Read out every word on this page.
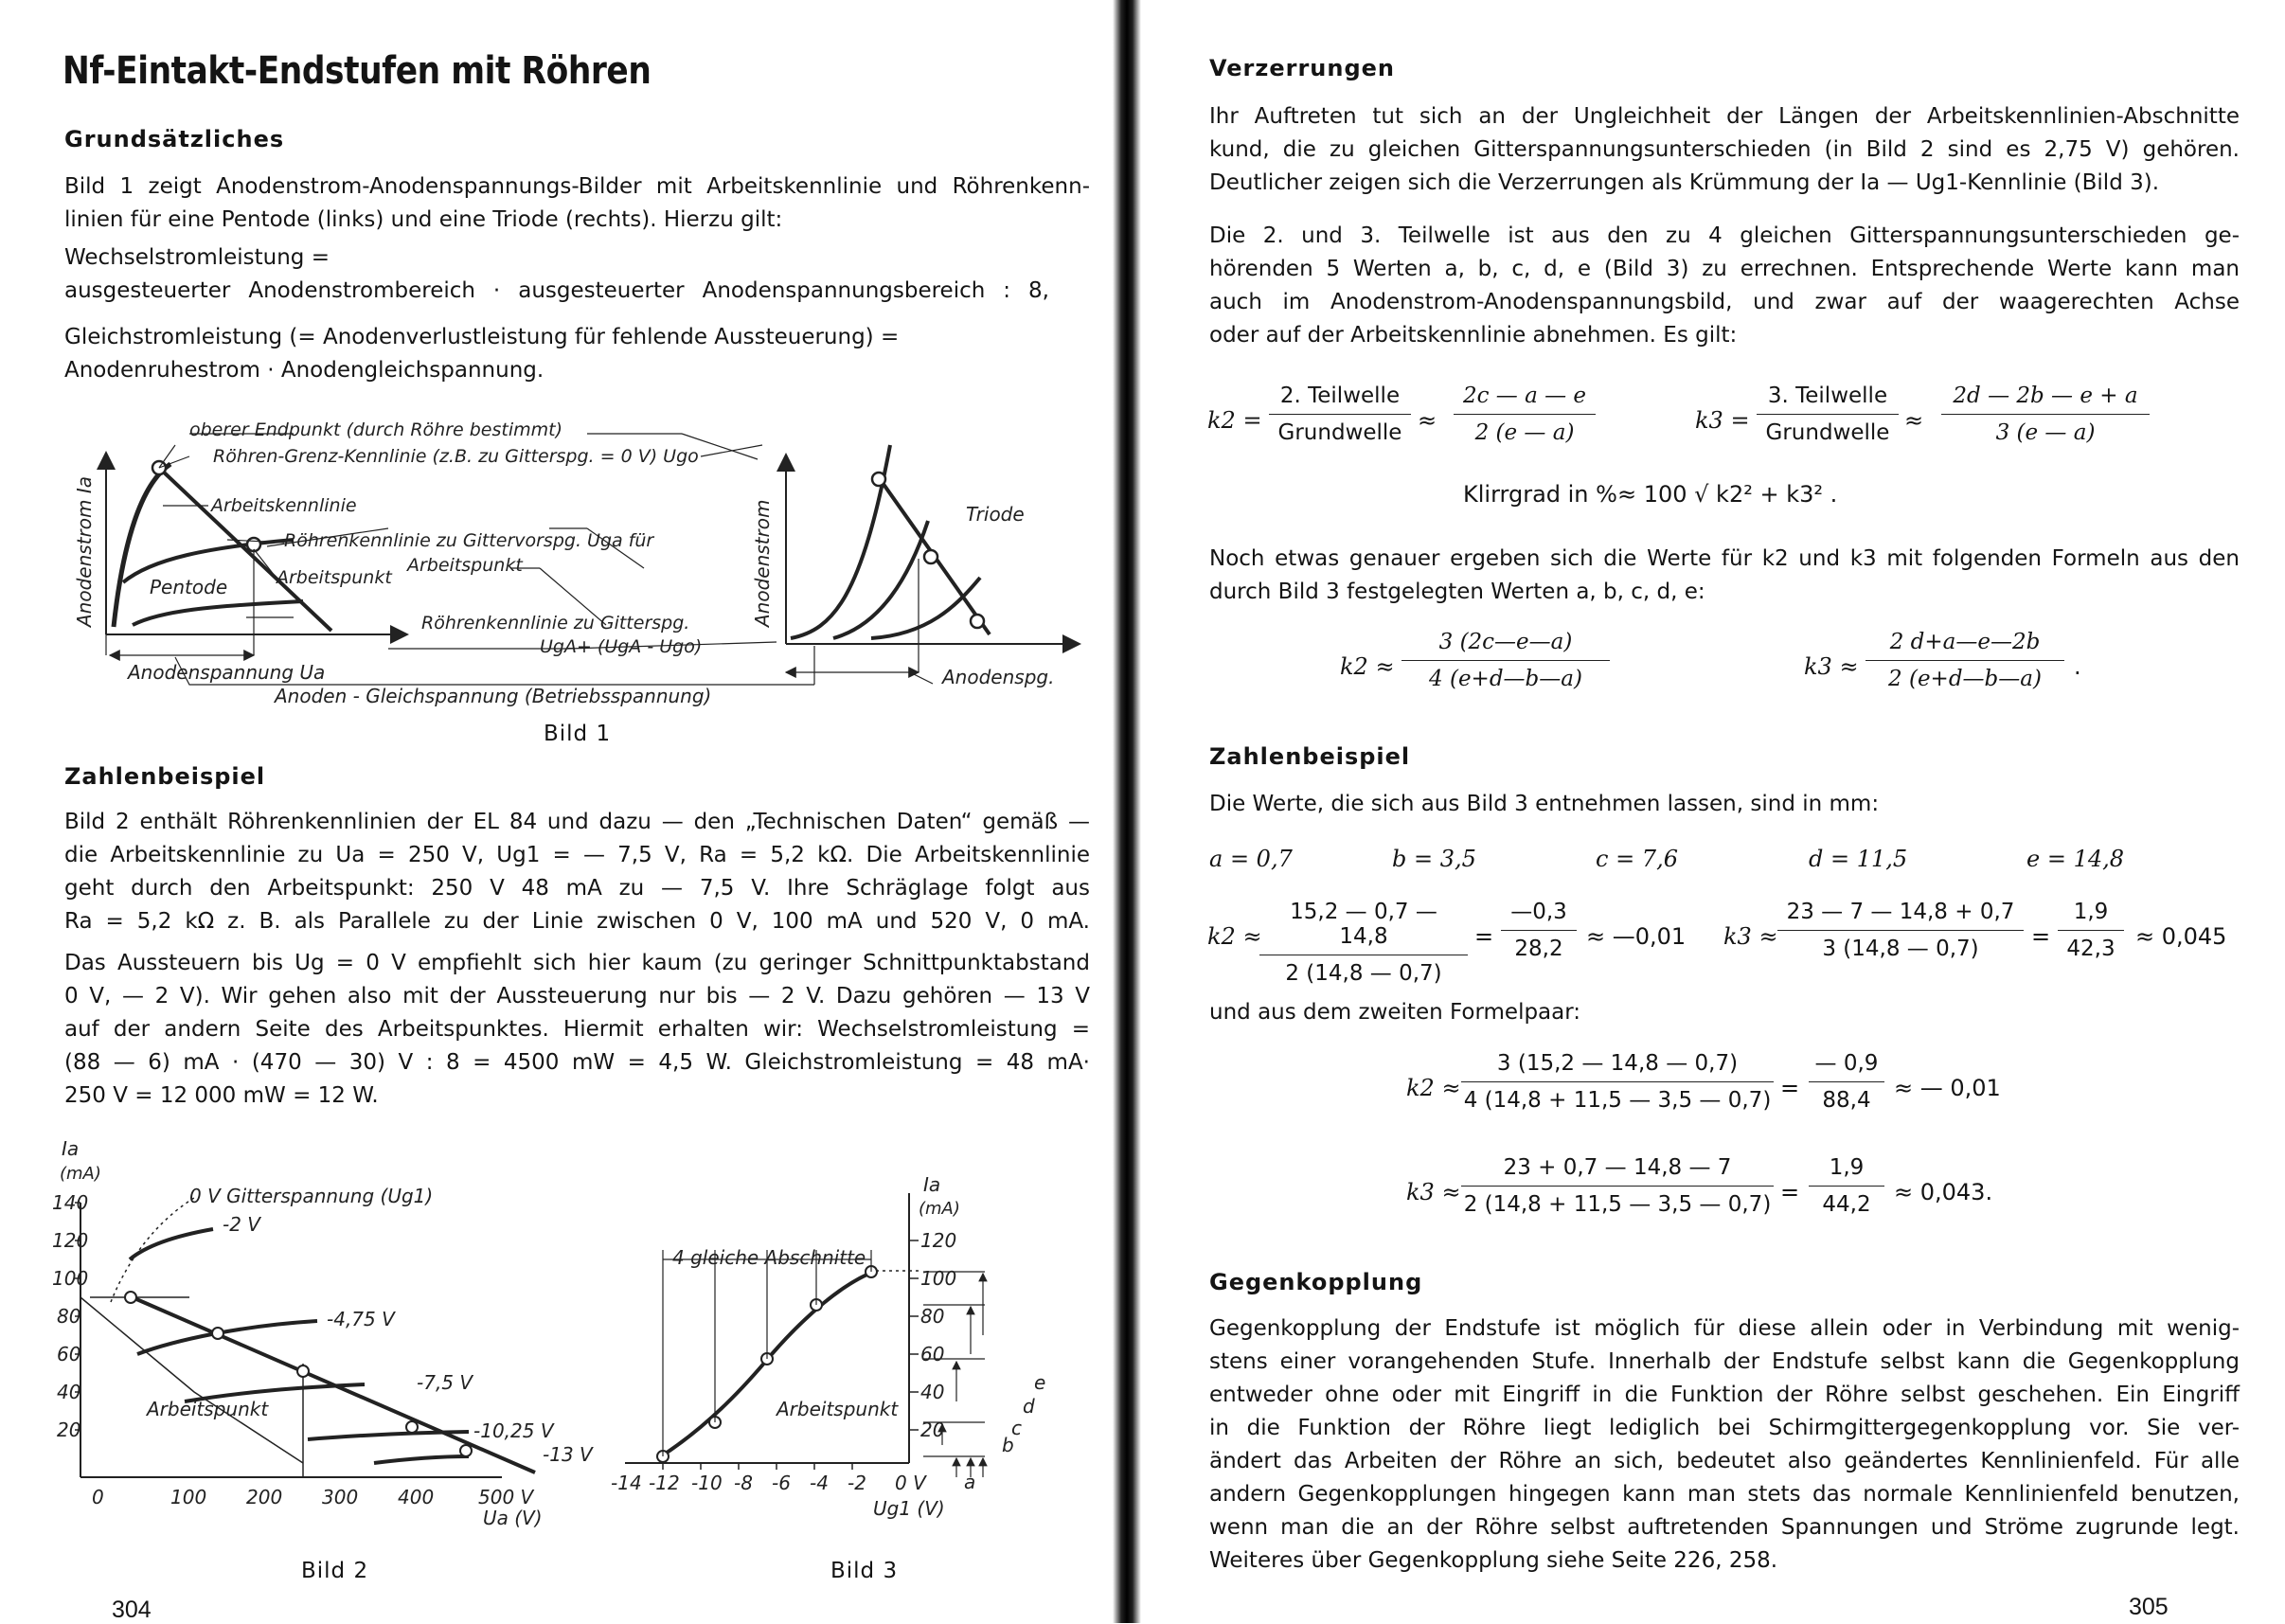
Nf-Eintakt-Endstufen mit Röhren
Grundsätzliches
Bild 1 zeigt Anodenstrom-Anodenspannungs-Bilder mit Arbeitskennlinie und Röhrenkenn-
linien für eine Pentode (links) und eine Triode (rechts). Hierzu gilt:
Wechselstromleistung =
ausgesteuerter Anodenstrombereich · ausgesteuerter Anodenspannungsbereich : 8,
Gleichstromleistung (= Anodenverlustleistung für fehlende Aussteuerung) =
Anodenruhestrom · Anodengleichspannung.
oberer Endpunkt (durch Röhre bestimmt)
Röhren-Grenz-Kennlinie (z.B. zu Gitterspg. = 0 V) Ugo
Arbeitskennlinie
Röhrenkennlinie zu Gittervorspg. Uga für
Arbeitspunkt
Arbeitspunkt
Pentode
Triode
Röhrenkennlinie zu Gitterspg.
UgA+ (UgA - Ugo)
Anodenspannung Ua
Anoden - Gleichspannung (Betriebsspannung)
Anodenspg.
Anodenstrom Ia	Anodenstrom
Bild 1
Zahlenbeispiel
Bild 2 enthält Röhrenkennlinien der EL 84 und dazu — den „Technischen Daten“ gemäß —
die Arbeitskennlinie zu Ua = 250 V, Ug1 = — 7,5 V, Ra = 5,2 kΩ. Die Arbeitskennlinie
geht durch den Arbeitspunkt: 250 V 48 mA zu — 7,5 V. Ihre Schräglage folgt aus
Ra = 5,2 kΩ z. B. als Parallele zu der Linie zwischen 0 V, 100 mA und 520 V, 0 mA.
Das Aussteuern bis Ug = 0 V empfiehlt sich hier kaum (zu geringer Schnittpunktabstand
0 V, — 2 V). Wir gehen also mit der Aussteuerung nur bis — 2 V. Dazu gehören — 13 V
auf der andern Seite des Arbeitspunktes. Hiermit erhalten wir: Wechselstromleistung =
(88 — 6) mA · (470 — 30) V : 8 = 4500 mW = 4,5 W. Gleichstromleistung = 48 mA·
250 V = 12 000 mW = 12 W.
Ia
(mA)
140
120
100
80
60
40
20
0	100 200 300 400 500 V
Ua (V)
0 V Gitterspannung (Ug1)
-2 V
-4,75 V
-7,5 V
-10,25 V
-13 V
Arbeitspunkt
Bild 2
4 gleiche Abschnitte
Ia
(mA)
120
100
80
60
40
20
-14 -12 -10 -8 -6 -4 -2 0 V
Ug1 (V)
Arbeitspunkt
a
b
c
d
e
Bild 3
304
Verzerrungen
Ihr Auftreten tut sich an der Ungleichheit der Längen der Arbeitskennlinien-Abschnitte
kund, die zu gleichen Gitterspannungsunterschieden (in Bild 2 sind es 2,75 V) gehören.
Deutlicher zeigen sich die Verzerrungen als Krümmung der Ia — Ug1-Kennlinie (Bild 3).
Die 2. und 3. Teilwelle ist aus den zu 4 gleichen Gitterspannungsunterschieden ge-
hörenden 5 Werten a, b, c, d, e (Bild 3) zu errechnen. Entsprechende Werte kann man
auch im Anodenstrom-Anodenspannungsbild, und zwar auf der waagerechten Achse
oder auf der Arbeitskennlinie abnehmen. Es gilt:
k2 =
2. Teilwelle
Grundwelle ≈ $\frac{2c — a — e}{2 (e — a)}$	k3 =
3. Teilwelle
Grundwelle ≈ $\frac{2d — 2b — e + a}{3 (e — a)}$
Klirrgrad in %≈ 100 √ k2² + k3² .
Noch etwas genauer ergeben sich die Werte für k2 und k3 mit folgenden Formeln aus den
durch Bild 3 festgelegten Werten a, b, c, d, e:
$k2 \approx \frac{3 (2c—e—a)}{4 (e+d—b—a)}$	$k3 \approx \frac{2 d+a—e—2b}{2 (e+d—b—a)}$ .
Zahlenbeispiel
Die Werte, die sich aus Bild 3 entnehmen lassen, sind in mm:
a = 0,7	b = 3,5	c = 7,6	d = 11,5	e = 14,8
k2 ≈
$\frac{15,2 — 0,7 — 14,8}{2 (14,8 — 0,7)} = \frac{—0,3}{28,2}$ ≈ —0,01 $k3 \approx \frac{23 — 7 — 14,8 + 0,7}{3 (14,8 — 0,7)} = \frac{1,9}{42,3} \approx 0,045$
und aus dem zweiten Formelpaar:
$k2 \approx \frac{3 (15,2 — 14,8 — 0,7)}{4 (14,8 + 11,5 — 3,5 — 0,7)} = \frac{— 0,9}{88,4}$ ≈ — 0,01
$k3 \approx \frac{23 + 0,7 — 14,8 — 7}{2 (14,8 + 11,5 — 3,5 — 0,7)} = \frac{1,9}{44,2} \approx 0,043$.
Gegenkopplung
Gegenkopplung der Endstufe ist möglich für diese allein oder in Verbindung mit wenig-
stens einer vorangehenden Stufe. Innerhalb der Endstufe selbst kann die Gegenkopplung
entweder ohne oder mit Eingriff in die Funktion der Röhre selbst geschehen. Ein Eingriff
in die Funktion der Röhre liegt lediglich bei Schirmgittergegenkopplung vor. Sie ver-
ändert das Arbeiten der Röhre an sich, bedeutet also geändertes Kennlinienfeld. Für alle
andern Gegenkopplungen hingegen kann man stets das normale Kennlinienfeld benutzen,
wenn man die an der Röhre selbst auftretenden Spannungen und Ströme zugrunde legt.
Weiteres über Gegenkopplung siehe Seite 226, 258.
305
